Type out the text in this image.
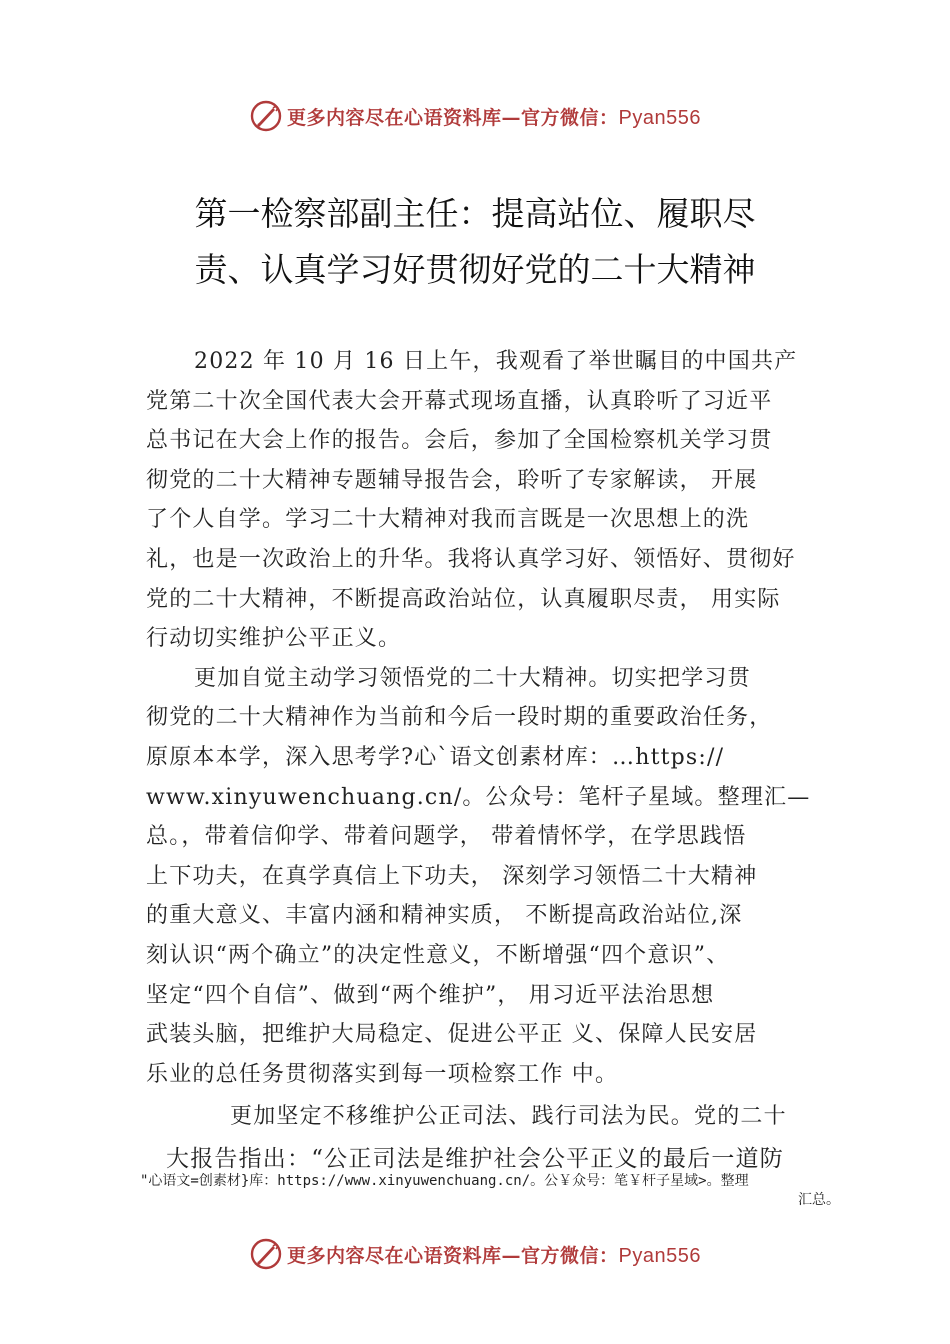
更多内容尽在心语资料库—官方微信：Pyan556
第一检察部副主任：提高站位、履职尽
责、认真学习好贯彻好党的二十大精神

2022 年 10 月 16 日上午，我观看了举世瞩目的中国共产
党第二十次全国代表大会开幕式现场直播，认真聆听了习近平
总书记在大会上作的报告。会后，参加了全国检察机关学习贯
彻党的二十大精神专题辅导报告会，聆听了专家解读， 开展
了个人自学。学习二十大精神对我而言既是一次思想上的洗
礼，也是一次政治上的升华。我将认真学习好、领悟好、贯彻好
党的二十大精神，不断提高政治站位，认真履职尽责， 用实际
行动切实维护公平正义。

更加自觉主动学习领悟党的二十大精神。切实把学习贯
彻党的二十大精神作为当前和今后一段时期的重要政治任务，
原原本本学，深入思考学?心`语文创素材库：…https://
www.xinyuwenchuang.cn/。公众号：笔杆子星域。整理汇—
总。，带着信仰学、带着问题学， 带着情怀学，在学思践悟
上下功夫，在真学真信上下功夫， 深刻学习领悟二十大精神
的重大意义、丰富内涵和精神实质， 不断提高政治站位,深
刻认识“两个确立”的决定性意义，不断增强“四个意识”、
坚定“四个自信”、做到“两个维护”， 用习近平法治思想
武装头脑，把维护大局稳定、促进公平正 义、保障人民安居
乐业的总任务贯彻落实到每一项检察工作 中。

更加坚定不移维护公正司法、践行司法为民。党的二十
大报告指出：“公正司法是维护社会公平正义的最后一道防
"心语文=创素材}库：https://www.xinyuwenchuang.cn/。公￥众号：笔￥杆子星域>。整理
汇总。
更多内容尽在心语资料库—官方微信：Pyan556
